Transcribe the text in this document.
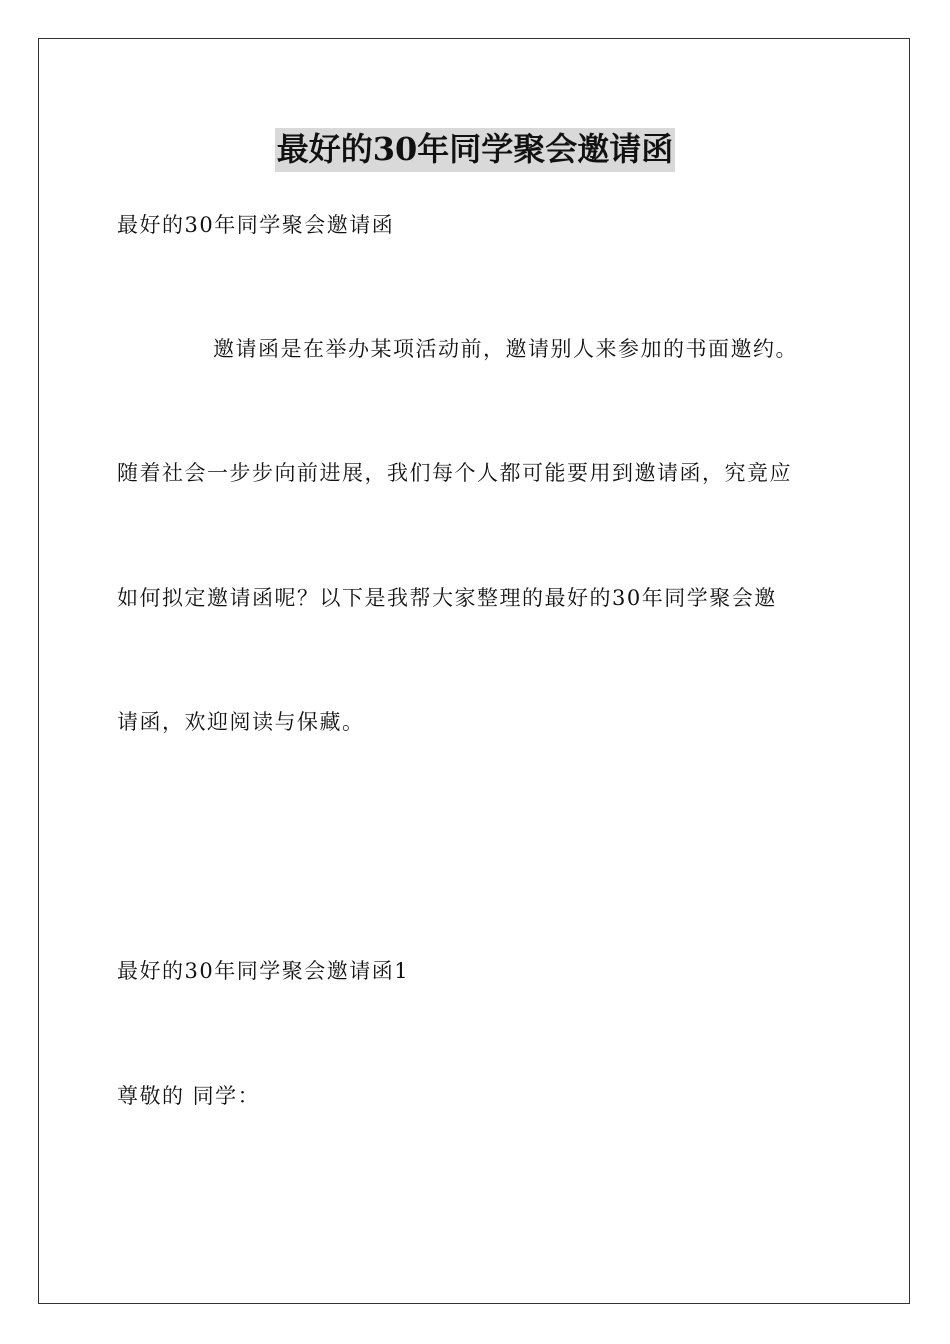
最好的30年同学聚会邀请函
最好的30年同学聚会邀请函
邀请函是在举办某项活动前，邀请别人来参加的书面邀约。
随着社会一步步向前进展，我们每个人都可能要用到邀请函，究竟应
如何拟定邀请函呢？以下是我帮大家整理的最好的30年同学聚会邀
请函，欢迎阅读与保藏。
最好的30年同学聚会邀请函1
尊敬的 同学：
